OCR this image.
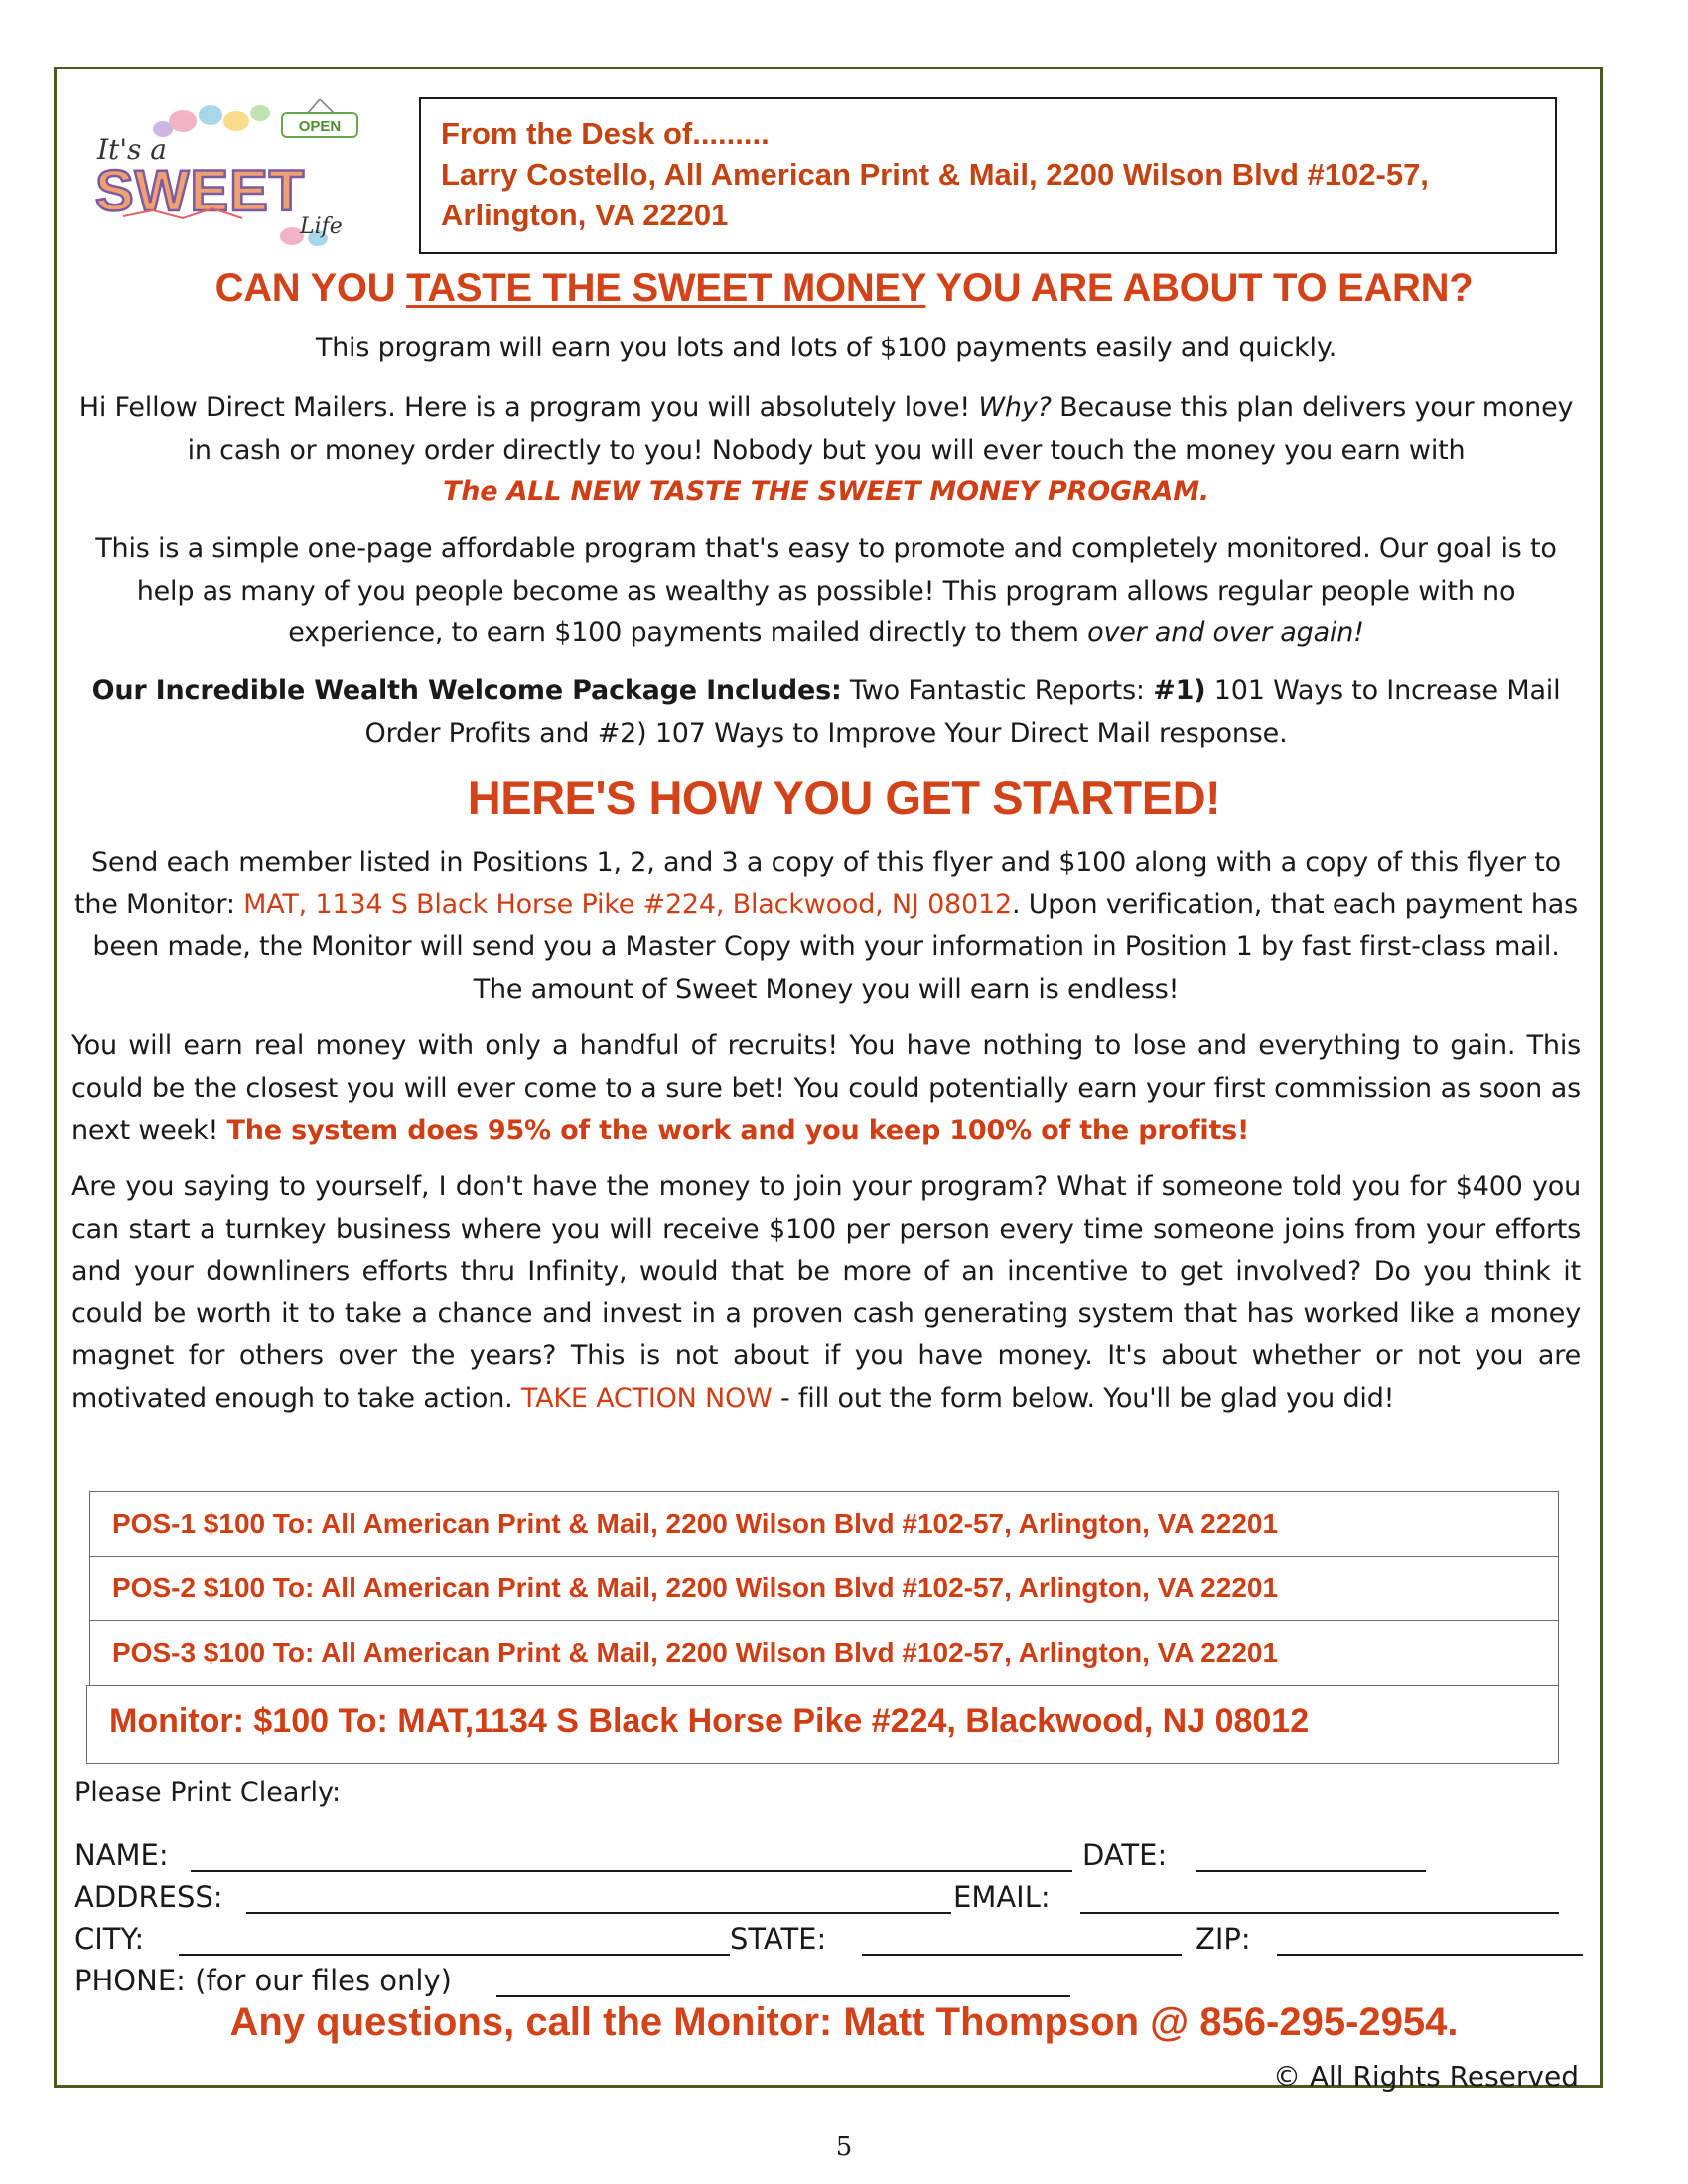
OPEN
It's a
SWEET
Life
From the Desk of.........
Larry Costello, All American Print & Mail, 2200 Wilson Blvd #102-57,
Arlington, VA 22201
CAN YOU TASTE THE SWEET MONEY YOU ARE ABOUT TO EARN?
This program will earn you lots and lots of $100 payments easily and quickly.
Hi Fellow Direct Mailers. Here is a program you will absolutely love! Why? Because this plan delivers your money in cash or money order directly to you! Nobody but you will ever touch the money you earn with
The ALL NEW TASTE THE SWEET MONEY PROGRAM.
This is a simple one-page affordable program that's easy to promote and completely monitored. Our goal is to help as many of you people become as wealthy as possible! This program allows regular people with no experience, to earn $100 payments mailed directly to them over and over again!
Our Incredible Wealth Welcome Package Includes: Two Fantastic Reports: #1) 101 Ways to Increase Mail Order Profits and #2) 107 Ways to Improve Your Direct Mail response.
HERE'S HOW YOU GET STARTED!
Send each member listed in Positions 1, 2, and 3 a copy of this flyer and $100 along with a copy of this flyer to the Monitor: MAT, 1134 S Black Horse Pike #224, Blackwood, NJ 08012. Upon verification, that each payment has been made, the Monitor will send you a Master Copy with your information in Position 1 by fast first-class mail. The amount of Sweet Money you will earn is endless!
You will earn real money with only a handful of recruits! You have nothing to lose and everything to gain. This could be the closest you will ever come to a sure bet! You could potentially earn your first commission as soon as next week! The system does 95% of the work and you keep 100% of the profits!
Are you saying to yourself, I don't have the money to join your program? What if someone told you for $400 you can start a turnkey business where you will receive $100 per person every time someone joins from your efforts and your downliners efforts thru Infinity, would that be more of an incentive to get involved? Do you think it could be worth it to take a chance and invest in a proven cash generating system that has worked like a money magnet for others over the years? This is not about if you have money. It's about whether or not you are motivated enough to take action. TAKE ACTION NOW - fill out the form below. You'll be glad you did!
POS-1 $100 To: All American Print & Mail, 2200 Wilson Blvd #102-57, Arlington, VA 22201
POS-2 $100 To: All American Print & Mail, 2200 Wilson Blvd #102-57, Arlington, VA 22201
POS-3 $100 To: All American Print & Mail, 2200 Wilson Blvd #102-57, Arlington, VA 22201
Monitor: $100 To: MAT,1134 S Black Horse Pike #224, Blackwood, NJ 08012
Please Print Clearly:
NAME:	DATE:
ADDRESS:	EMAIL:
CITY:	STATE:	ZIP:
PHONE: (for our files only)
Any questions, call the Monitor: Matt Thompson @ 856-295-2954.
© All Rights Reserved
5
